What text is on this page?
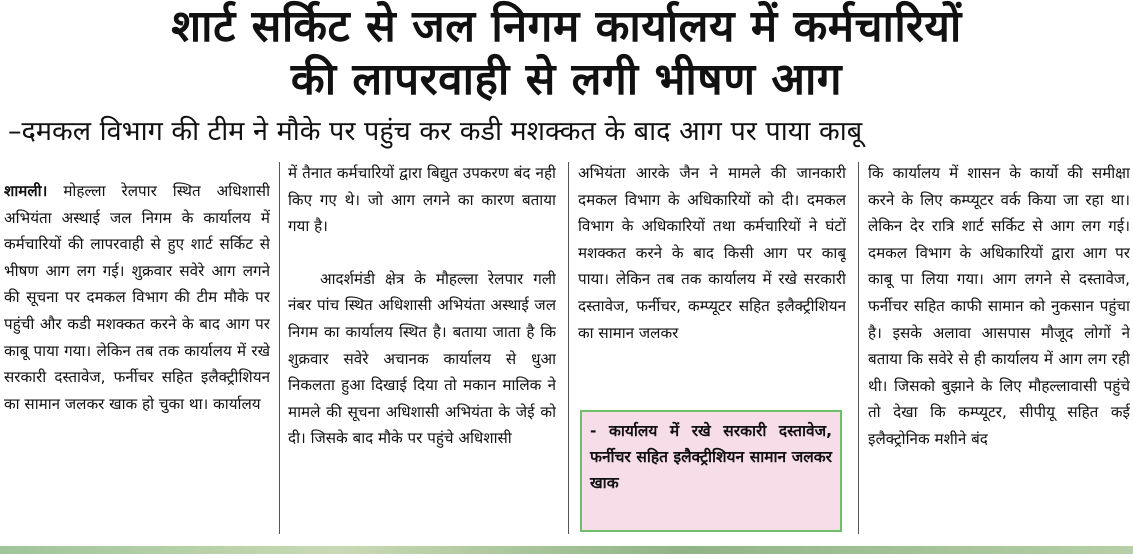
शार्ट सर्किट से जल निगम कार्यालय में कर्मचारियों
की लापरवाही से लगी भीषण आग
–दमकल विभाग की टीम ने मौके पर पहुंच कर कडी मशक्कत के बाद आग पर पाया काबू

शामली। मोहल्ला रेलपार स्थित अधिशासी अभियंता अस्थाई जल निगम के कार्यालय में कर्मचारियों की लापरवाही से हुए शार्ट सर्किट से भीषण आग लग गई। शुक्रवार सवेरे आग लगने की सूचना पर दमकल विभाग की टीम मौके पर पहुंची और कडी मशक्कत करने के बाद आग पर काबू पाया गया। लेकिन तब तक कार्यालय में रखे सरकारी दस्तावेज, फर्नीचर सहित इलैक्ट्रीशियन का सामान जलकर खाक हो चुका था। कार्यालय

में तैनात कर्मचारियों द्वारा बिद्युत उपकरण बंद नही किए गए थे। जो आग लगने का कारण बताया गया है।

आदर्शमंडी क्षेत्र के मौहल्ला रेलपार गली नंबर पांच स्थित अधिशासी अभियंता अस्थाई जल निगम का कार्यालय स्थित है। बताया जाता है कि शुक्रवार सवेरे अचानक कार्यालय से धुआ निकलता हुआ दिखाई दिया तो मकान मालिक ने मामले की सूचना अधिशासी अभियंता के जेई को दी। जिसके बाद मौके पर पहुंचे अधिशासी

अभियंता आरके जैन ने मामले की जानकारी दमकल विभाग के अधिकारियों को दी। दमकल विभाग के अधिकारियों तथा कर्मचारियों ने घंटों मशक्कत करने के बाद किसी आग पर काबू पाया। लेकिन तब तक कार्यालय में रखे सरकारी दस्तावेज, फर्नीचर, कम्प्यूटर सहित इलैक्ट्रीशियन का सामान जलकर

- कार्यालय में रखे सरकारी दस्तावेज, फर्नीचर सहित इलैक्ट्रीशियन सामान जलकर खाक

कि कार्यालय में शासन के कार्यो की समीक्षा करने के लिए कम्प्यूटर वर्क किया जा रहा था। लेकिन देर रात्रि शार्ट सर्किट से आग लग गई। दमकल विभाग के अधिकारियों द्वारा आग पर काबू पा लिया गया। आग लगने से दस्तावेज, फर्नीचर सहित काफी सामान को नुकसान पहुंचा है। इसके अलावा आसपास मौजूद लोगों ने बताया कि सवेरे से ही कार्यालय में आग लग रही थी। जिसको बुझाने के लिए मौहल्लावासी पहुंचे तो देखा कि कम्प्यूटर, सीपीयू सहित कई इलैक्ट्रोनिक मशीने बंद
